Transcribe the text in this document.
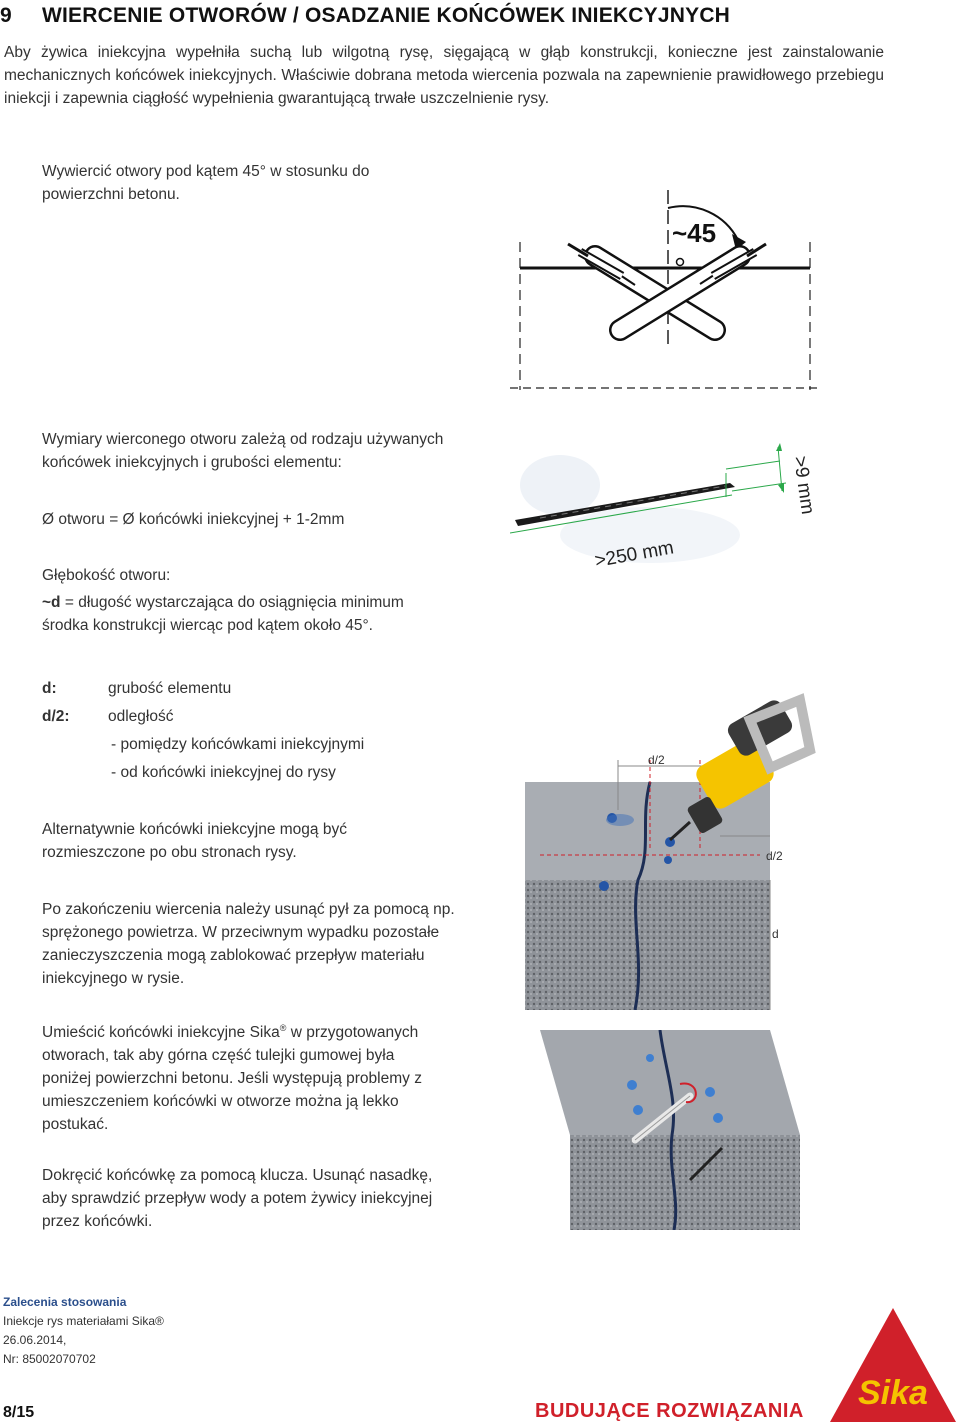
9 WIERCENIE OTWORÓW / OSADZANIE KOŃCÓWEK INIEKCYJNYCH
Aby żywica iniekcyjna wypełniła suchą lub wilgotną rysę, sięgającą w głąb konstrukcji, konieczne jest zainstalowanie mechanicznych końcówek iniekcyjnych. Właściwie dobrana metoda wiercenia pozwala na zapewnienie prawidłowego przebiegu iniekcji i zapewnia ciągłość wypełnienia gwarantującą trwałe uszczelnienie rysy.
Wywiercić otwory pod kątem 45° w stosunku do
powierzchni betonu.
~45
Wymiary wierconego otworu zależą od rodzaju używanych
końcówek iniekcyjnych i grubości elementu:
Ø otworu = Ø końcówki iniekcyjnej + 1-2mm
Głębokość otworu:
~d = długość wystarczająca do osiągnięcia minimum
środka konstrukcji wiercąc pod kątem około 45°.
>9 mm
>250 mm
d:	grubość elementu
d/2: odległość
- pomiędzy końcówkami iniekcyjnymi
- od końcówki iniekcyjnej do rysy
d/2
d/2
d
Alternatywnie końcówki iniekcyjne mogą być
rozmieszczone po obu stronach rysy.
Po zakończeniu wiercenia należy usunąć pył za pomocą np.
sprężonego powietrza. W przeciwnym wypadku pozostałe
zanieczyszczenia mogą zablokować przepływ materiału
iniekcyjnego w rysie.
Umieścić końcówki iniekcyjne Sika® w przygotowanych
otworach, tak aby górna część tulejki gumowej była
poniżej powierzchni betonu. Jeśli występują problemy z
umieszczeniem końcówki w otworze można ją lekko
postukać.
Dokręcić końcówkę za pomocą klucza. Usunąć nasadkę,
aby sprawdzić przepływ wody a potem żywicy iniekcyjnej
przez końcówki.
Zalecenia stosowania
Iniekcje rys materiałami Sika®
26.06.2014,
Nr: 85002070702
8/15	BUDUJĄCE ROZWIĄZANIA Sika
